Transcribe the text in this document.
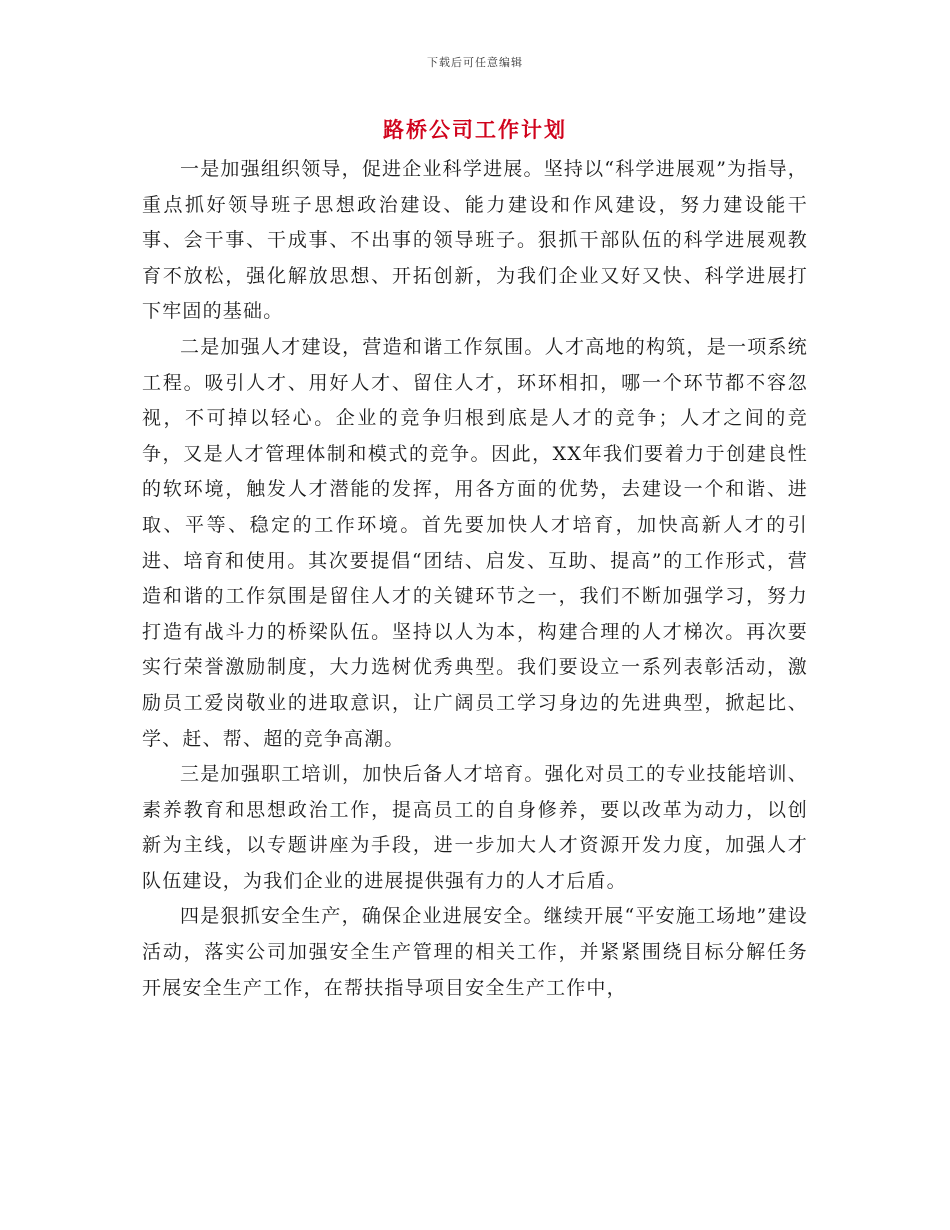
下载后可任意编辑
路桥公司工作计划

一是加强组织领导，促进企业科学进展。坚持以“科学进展观”为指导，重点抓好领导班子思想政治建设、能力建设和作风建设，努力建设能干事、会干事、干成事、不出事的领导班子。狠抓干部队伍的科学进展观教育不放松，强化解放思想、开拓创新，为我们企业又好又快、科学进展打下牢固的基础。

二是加强人才建设，营造和谐工作氛围。人才高地的构筑，是一项系统工程。吸引人才、用好人才、留住人才，环环相扣，哪一个环节都不容忽视，不可掉以轻心。企业的竞争归根到底是人才的竞争；人才之间的竞争，又是人才管理体制和模式的竞争。因此，XX年我们要着力于创建良性的软环境，触发人才潜能的发挥，用各方面的优势，去建设一个和谐、进取、平等、稳定的工作环境。首先要加快人才培育，加快高新人才的引进、培育和使用。其次要提倡“团结、启发、互助、提高”的工作形式，营造和谐的工作氛围是留住人才的关键环节之一，我们不断加强学习，努力打造有战斗力的桥梁队伍。坚持以人为本，构建合理的人才梯次。再次要实行荣誉激励制度，大力选树优秀典型。我们要设立一系列表彰活动，激励员工爱岗敬业的进取意识，让广阔员工学习身边的先进典型，掀起比、学、赶、帮、超的竞争高潮。

三是加强职工培训，加快后备人才培育。强化对员工的专业技能培训、素养教育和思想政治工作，提高员工的自身修养，要以改革为动力，以创新为主线，以专题讲座为手段，进一步加大人才资源开发力度，加强人才队伍建设，为我们企业的进展提供强有力的人才后盾。

四是狠抓安全生产，确保企业进展安全。继续开展“平安施工场地”建设活动，落实公司加强安全生产管理的相关工作，并紧紧围绕目标分解任务开展安全生产工作，在帮扶指导项目安全生产工作中，
